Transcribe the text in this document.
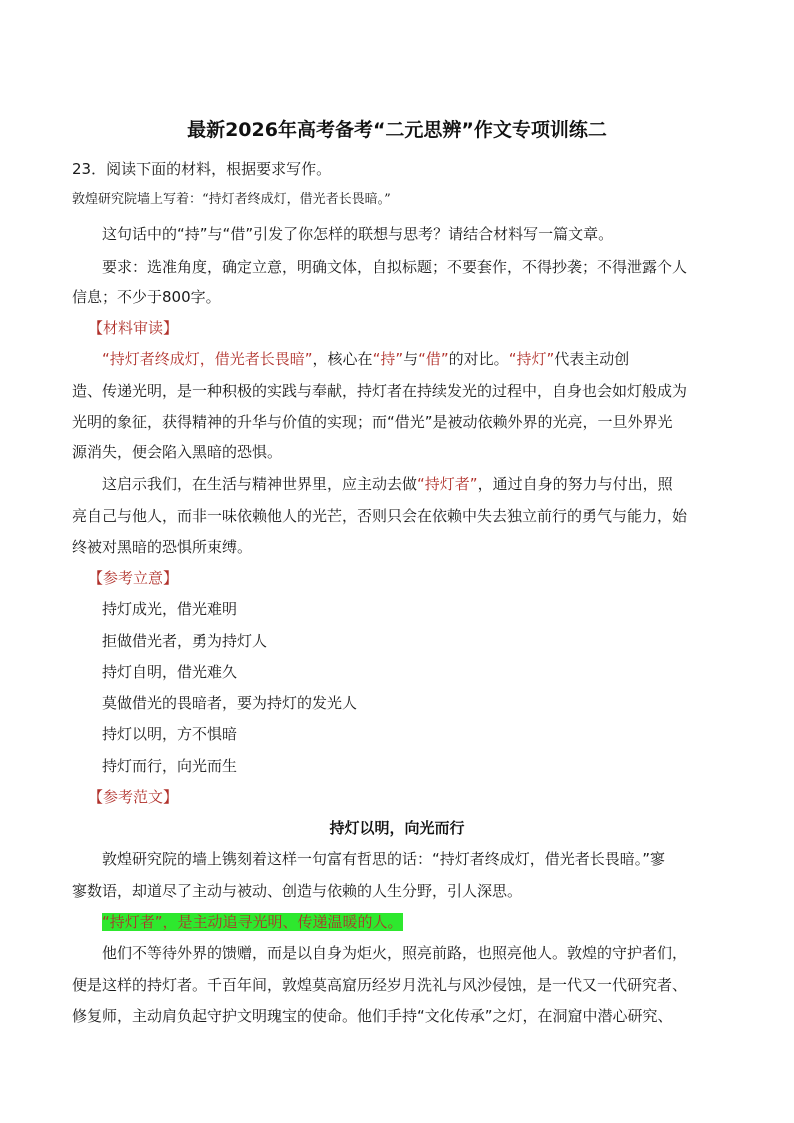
最新2026年高考备考“二元思辨”作文专项训练二
23．阅读下面的材料，根据要求写作。
敦煌研究院墙上写着：“持灯者终成灯，借光者长畏暗。”
这句话中的“持”与“借”引发了你怎样的联想与思考？请结合材料写一篇文章。
要求：选准角度，确定立意，明确文体，自拟标题；不要套作，不得抄袭；不得泄露个人
信息；不少于800字。
【材料审读】
“持灯者终成灯，借光者长畏暗”，核心在“持”与“借”的对比。“持灯”代表主动创
造、传递光明，是一种积极的实践与奉献，持灯者在持续发光的过程中，自身也会如灯般成为
光明的象征，获得精神的升华与价值的实现；而“借光”是被动依赖外界的光亮，一旦外界光
源消失，便会陷入黑暗的恐惧。
这启示我们，在生活与精神世界里，应主动去做“持灯者”，通过自身的努力与付出，照
亮自己与他人，而非一味依赖他人的光芒，否则只会在依赖中失去独立前行的勇气与能力，始
终被对黑暗的恐惧所束缚。
【参考立意】
持灯成光，借光难明
拒做借光者，勇为持灯人
持灯自明，借光难久
莫做借光的畏暗者，要为持灯的发光人
持灯以明，方不惧暗
持灯而行，向光而生
【参考范文】
持灯以明，向光而行
敦煌研究院的墙上镌刻着这样一句富有哲思的话：“持灯者终成灯，借光者长畏暗。”寥
寥数语，却道尽了主动与被动、创造与依赖的人生分野，引人深思。
“持灯者”，是主动追寻光明、传递温暖的人。
他们不等待外界的馈赠，而是以自身为炬火，照亮前路，也照亮他人。敦煌的守护者们，
便是这样的持灯者。千百年间，敦煌莫高窟历经岁月洗礼与风沙侵蚀，是一代又一代研究者、
修复师，主动肩负起守护文明瑰宝的使命。他们手持“文化传承”之灯，在洞窟中潜心研究、
